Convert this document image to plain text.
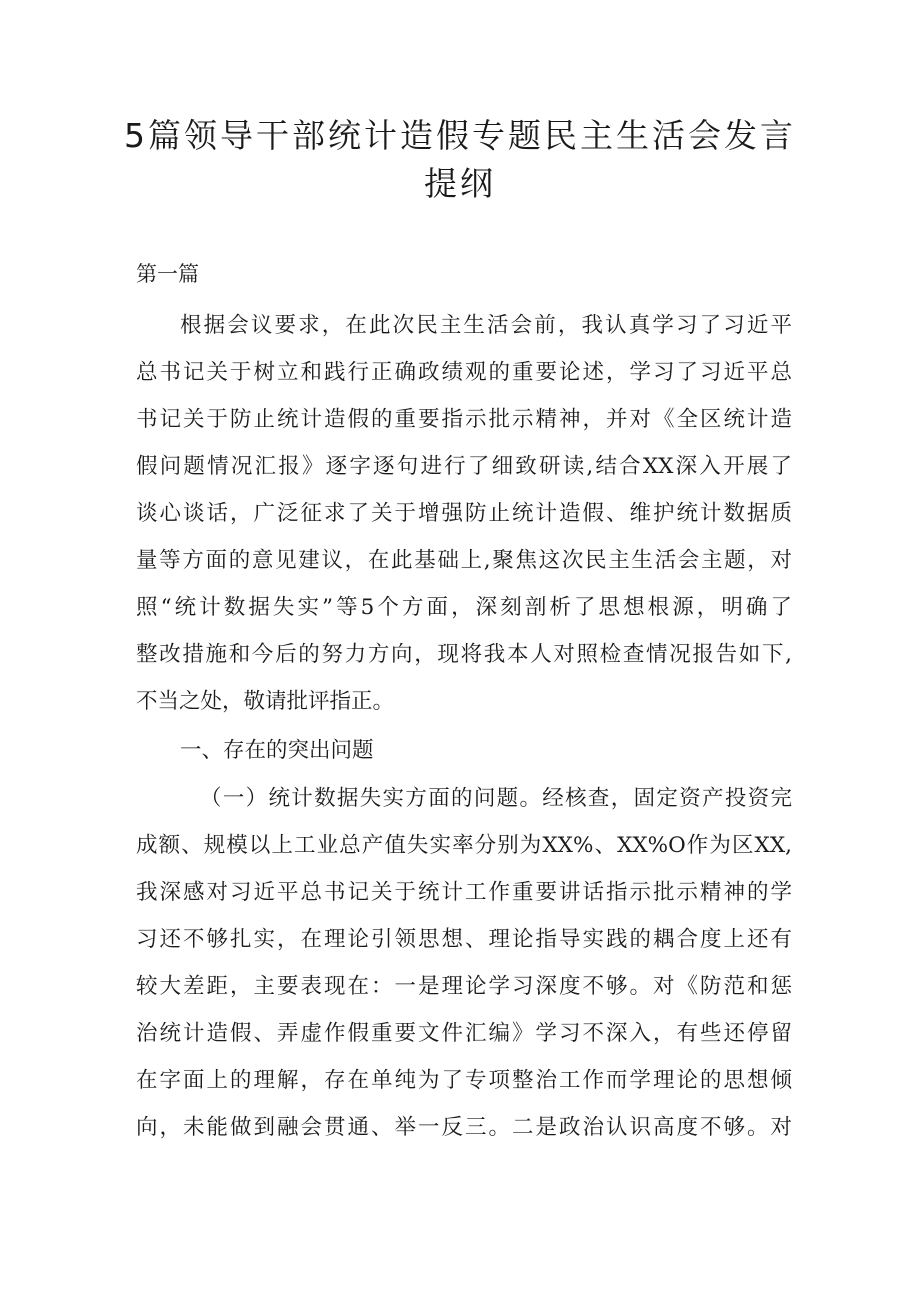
5篇领导干部统计造假专题民主生活会发言
提纲
第一篇
根据会议要求，在此次民主生活会前，我认真学习了习近平
总书记关于树立和践行正确政绩观的重要论述，学习了习近平总
书记关于防止统计造假的重要指示批示精神，并对《全区统计造
假问题情况汇报》逐字逐句进行了细致研读,结合XX深入开展了
谈心谈话，广泛征求了关于增强防止统计造假、维护统计数据质
量等方面的意见建议，在此基础上,聚焦这次民主生活会主题，对
照“统计数据失实”等5个方面，深刻剖析了思想根源，明确了
整改措施和今后的努力方向，现将我本人对照检查情况报告如下,
不当之处，敬请批评指正。
一、存在的突出问题
（一）统计数据失实方面的问题。经核查，固定资产投资完
成额、规模以上工业总产值失实率分别为XX%、XX%O作为区XX,
我深感对习近平总书记关于统计工作重要讲话指示批示精神的学
习还不够扎实，在理论引领思想、理论指导实践的耦合度上还有
较大差距，主要表现在：一是理论学习深度不够。对《防范和惩
治统计造假、弄虚作假重要文件汇编》学习不深入，有些还停留
在字面上的理解，存在单纯为了专项整治工作而学理论的思想倾
向，未能做到融会贯通、举一反三。二是政治认识高度不够。对
